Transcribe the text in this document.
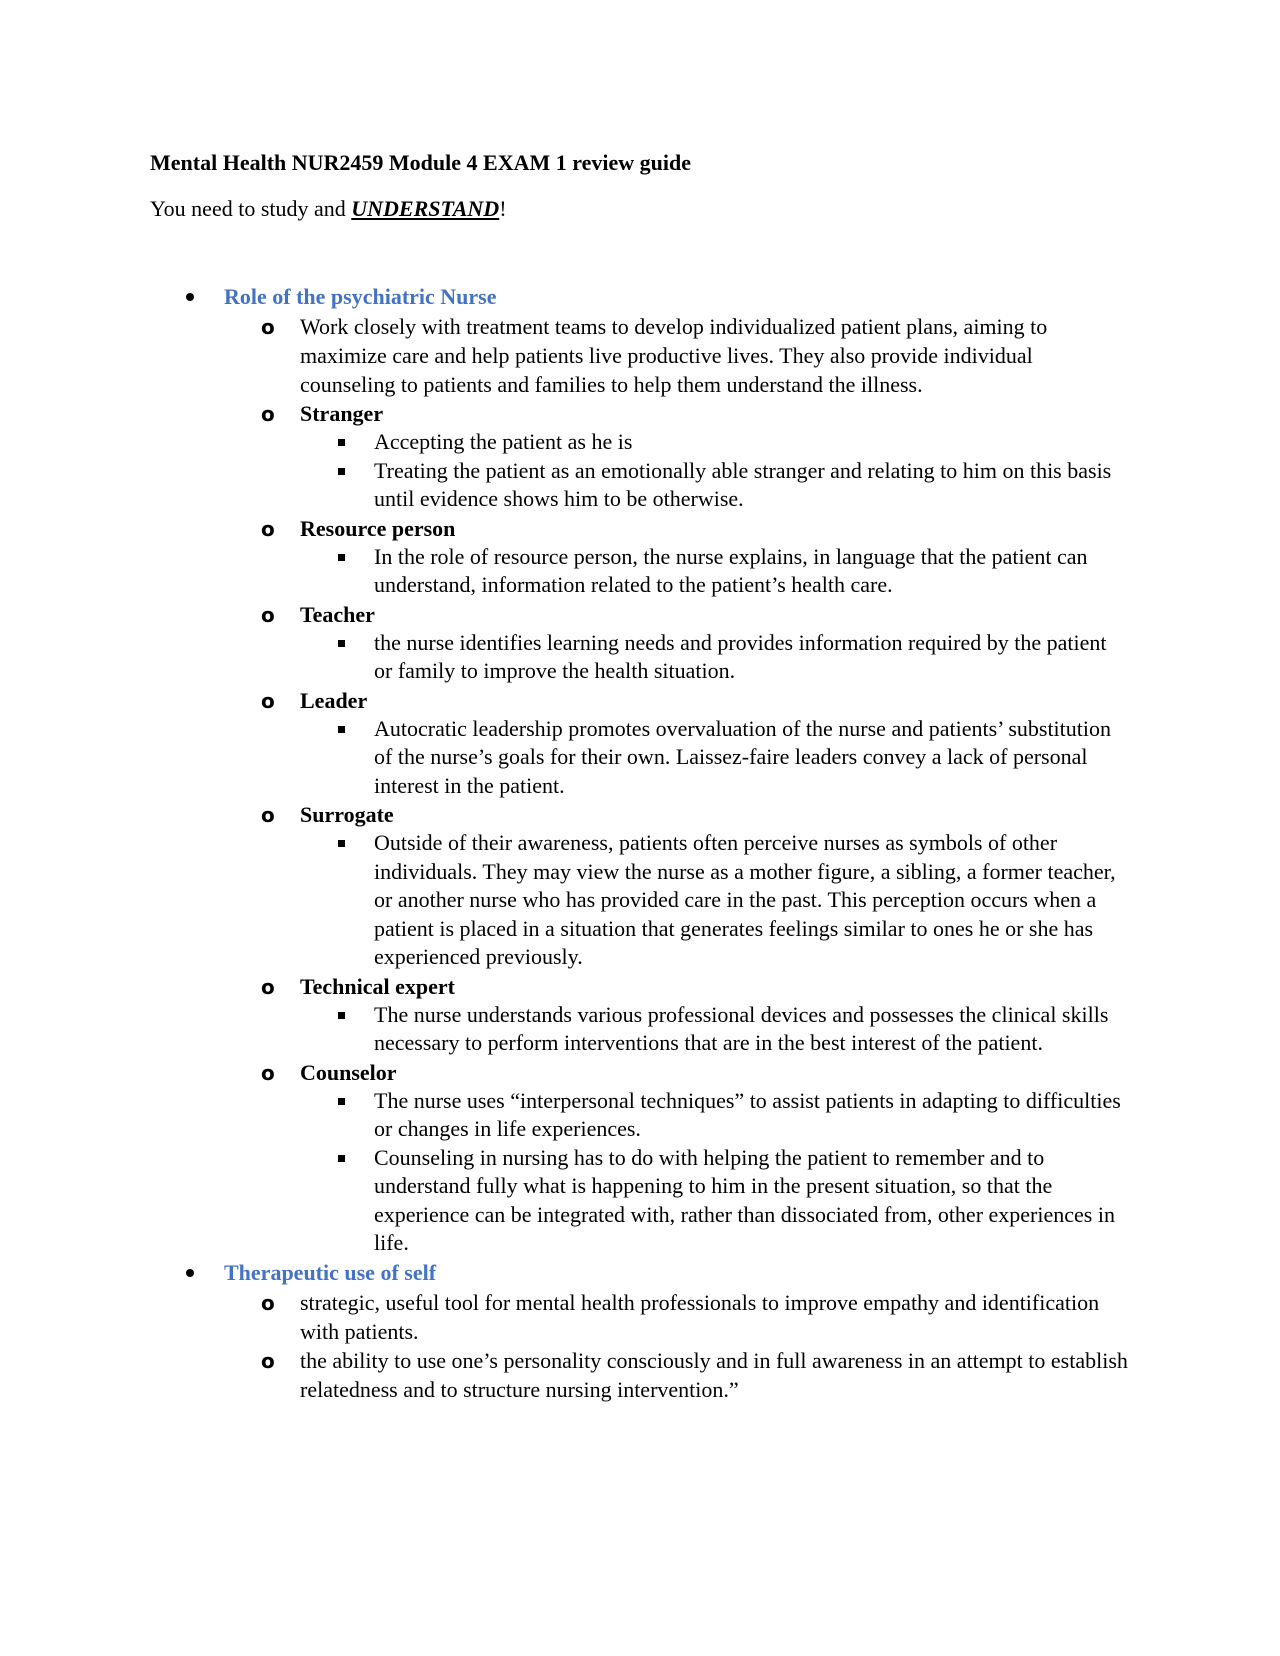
Mental Health NUR2459 Module 4 EXAM 1 review guide

You need to study and UNDERSTAND!

Role of the psychiatric Nurse
o Work closely with treatment teams to develop individualized patient plans, aiming to maximize care and help patients live productive lives. They also provide individual counseling to patients and families to help them understand the illness.
o Stranger
Accepting the patient as he is
Treating the patient as an emotionally able stranger and relating to him on this basis until evidence shows him to be otherwise.
o Resource person
In the role of resource person, the nurse explains, in language that the patient can understand, information related to the patient’s health care.
o Teacher
the nurse identifies learning needs and provides information required by the patient or family to improve the health situation.
o Leader
Autocratic leadership promotes overvaluation of the nurse and patients’ substitution of the nurse’s goals for their own. Laissez-faire leaders convey a lack of personal interest in the patient.
o Surrogate
Outside of their awareness, patients often perceive nurses as symbols of other individuals. They may view the nurse as a mother figure, a sibling, a former teacher, or another nurse who has provided care in the past. This perception occurs when a patient is placed in a situation that generates feelings similar to ones he or she has experienced previously.
o Technical expert
The nurse understands various professional devices and possesses the clinical skills necessary to perform interventions that are in the best interest of the patient.
o Counselor
The nurse uses “interpersonal techniques” to assist patients in adapting to difficulties or changes in life experiences.
Counseling in nursing has to do with helping the patient to remember and to understand fully what is happening to him in the present situation, so that the experience can be integrated with, rather than dissociated from, other experiences in life.
Therapeutic use of self
o strategic, useful tool for mental health professionals to improve empathy and identification with patients.
o the ability to use one’s personality consciously and in full awareness in an attempt to establish relatedness and to structure nursing intervention.”
